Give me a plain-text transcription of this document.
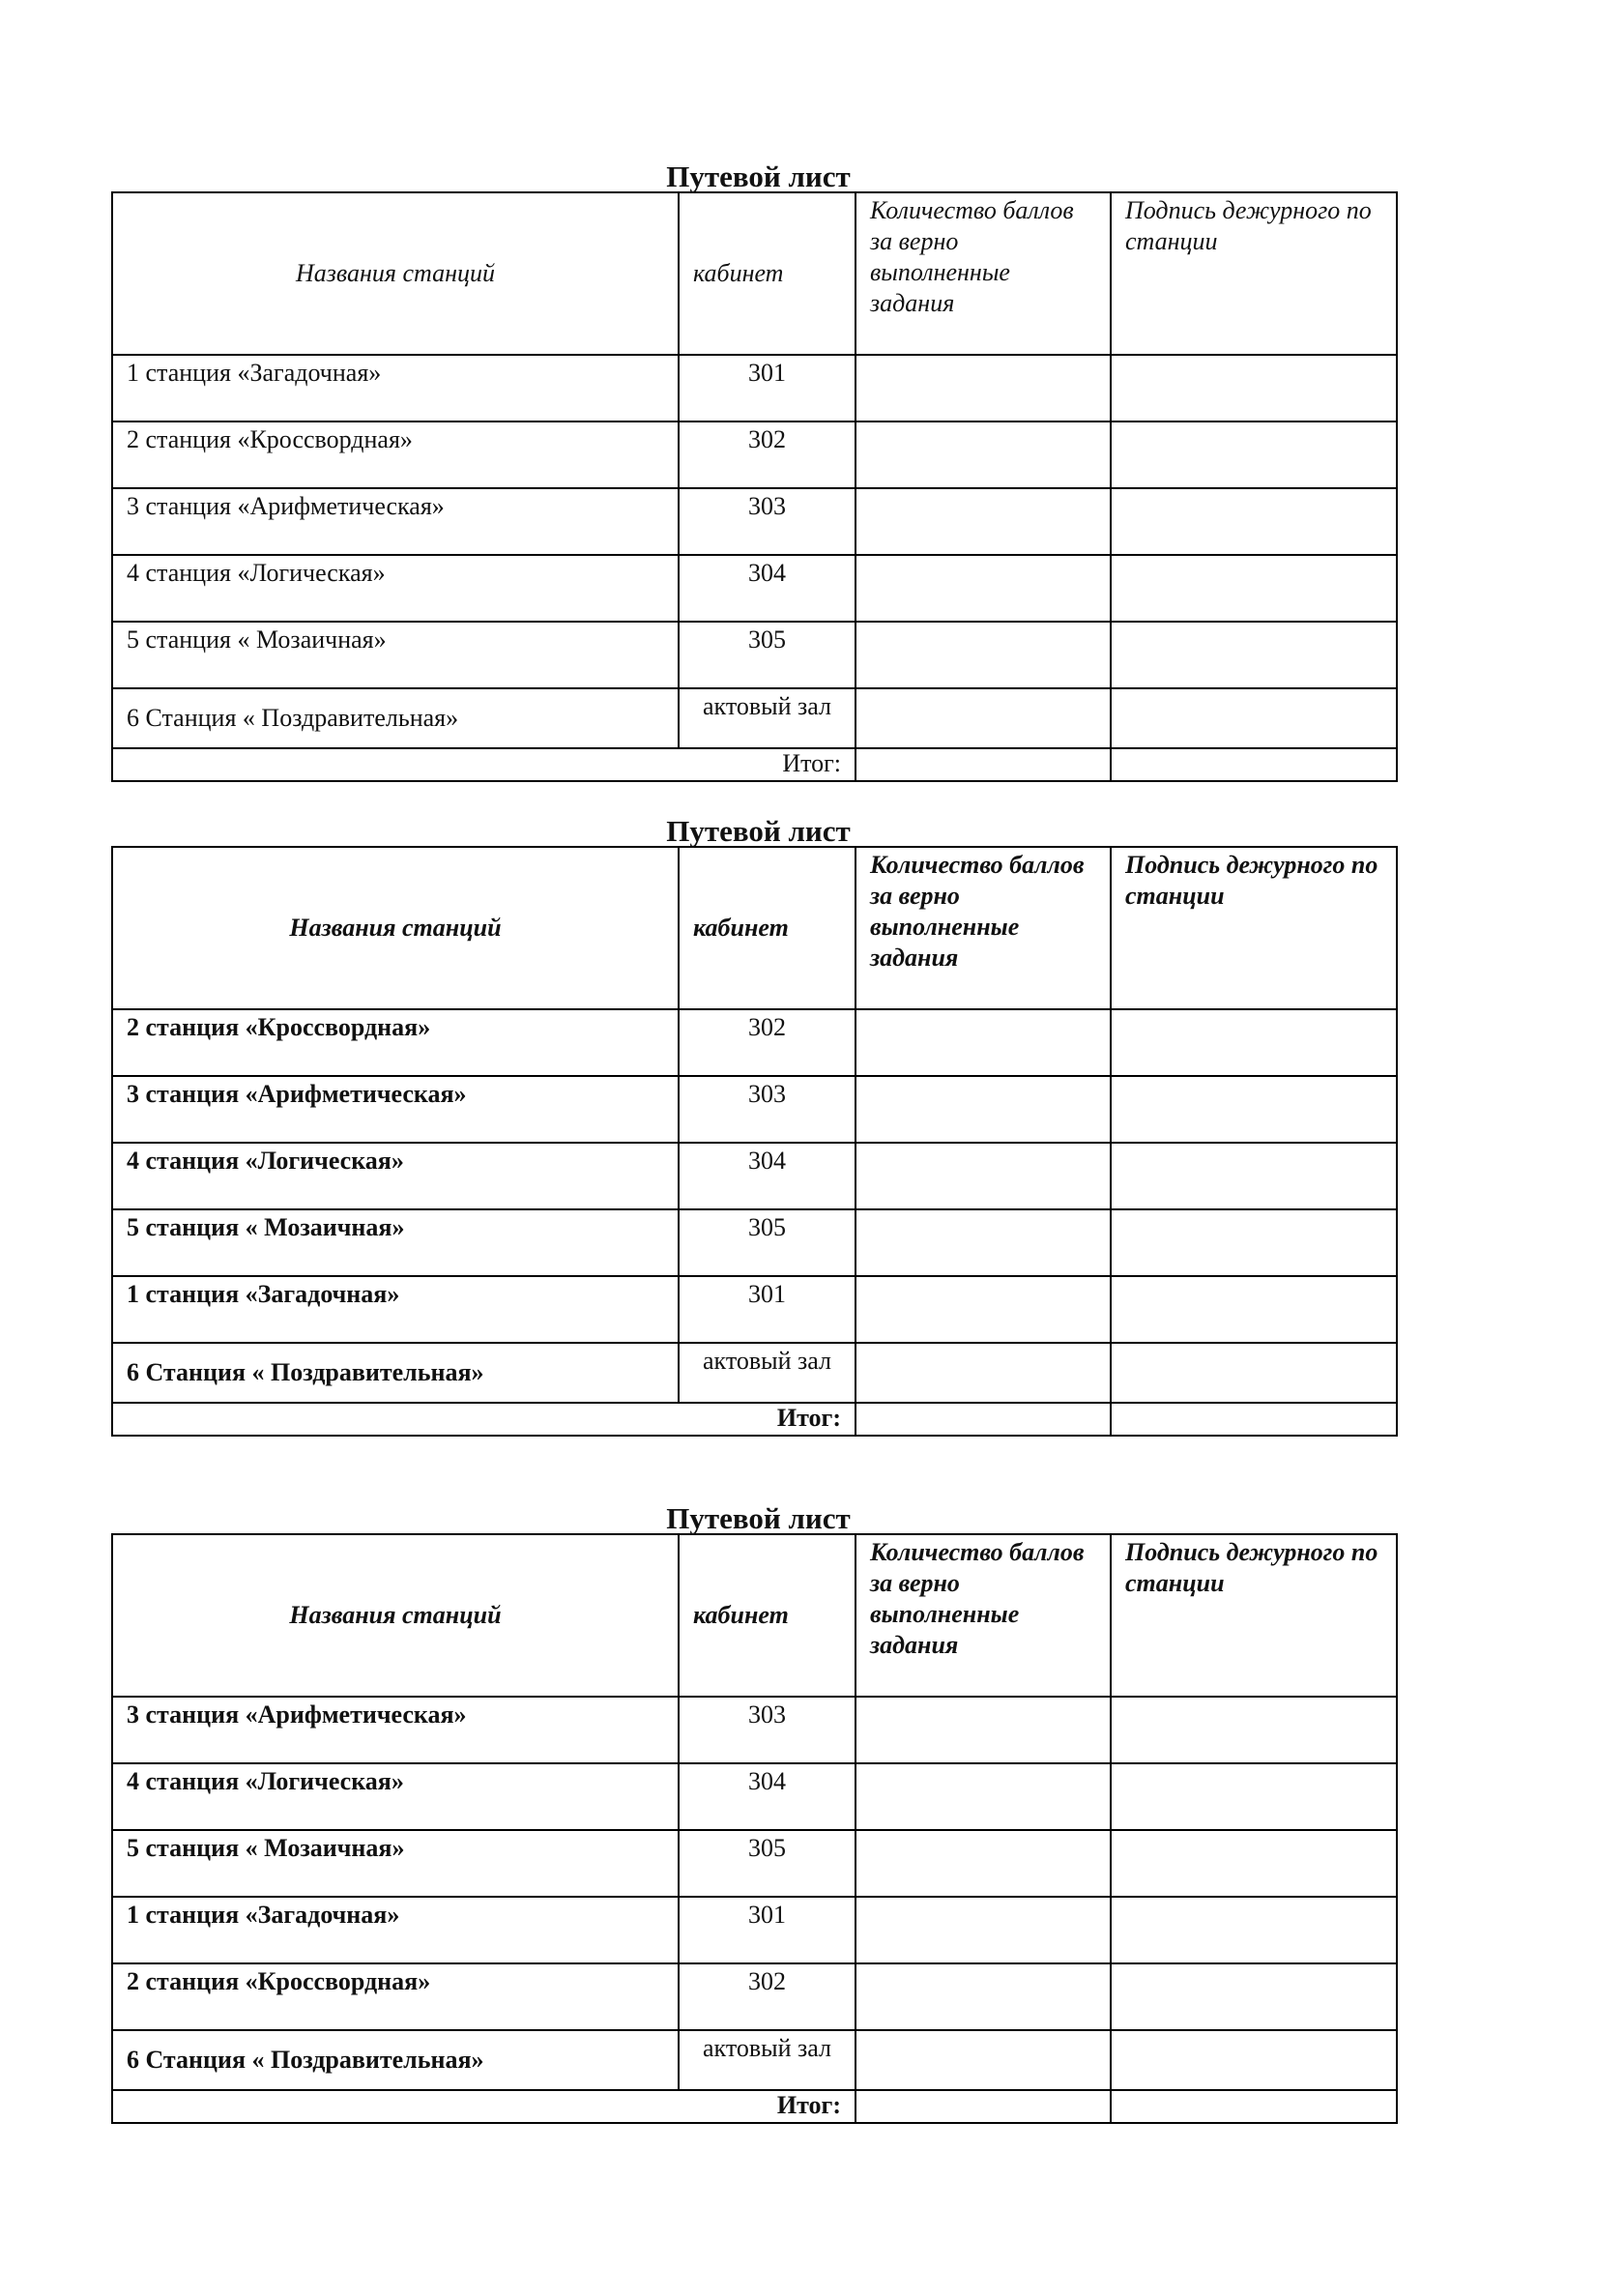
Путевой лист
Названия станций	кабинет	Количество баллов за верно выполненные задания	Подпись дежурного по станции
1 станция «Загадочная»	301		
2 станция «Кроссвордная»	302		
3 станция «Арифметическая»	303		
4 станция «Логическая»	304		
5 станция « Мозаичная»	305		
6 Станция « Поздравительная»	актовый зал		
Итог:			
Путевой лист
Названия станций	кабинет	Количество баллов за верно выполненные задания	Подпись дежурного по станции
2 станция «Кроссвордная»	302		
3 станция «Арифметическая»	303		
4 станция «Логическая»	304		
5 станция « Мозаичная»	305		
1 станция «Загадочная»	301		
6 Станция « Поздравительная»	актовый зал		
Итог:			
Путевой лист
Названия станций	кабинет	Количество баллов за верно выполненные задания	Подпись дежурного по станции
3 станция «Арифметическая»	303		
4 станция «Логическая»	304		
5 станция « Мозаичная»	305		
1 станция «Загадочная»	301		
2 станция «Кроссвордная»	302		
6 Станция « Поздравительная»	актовый зал		
Итог:			
